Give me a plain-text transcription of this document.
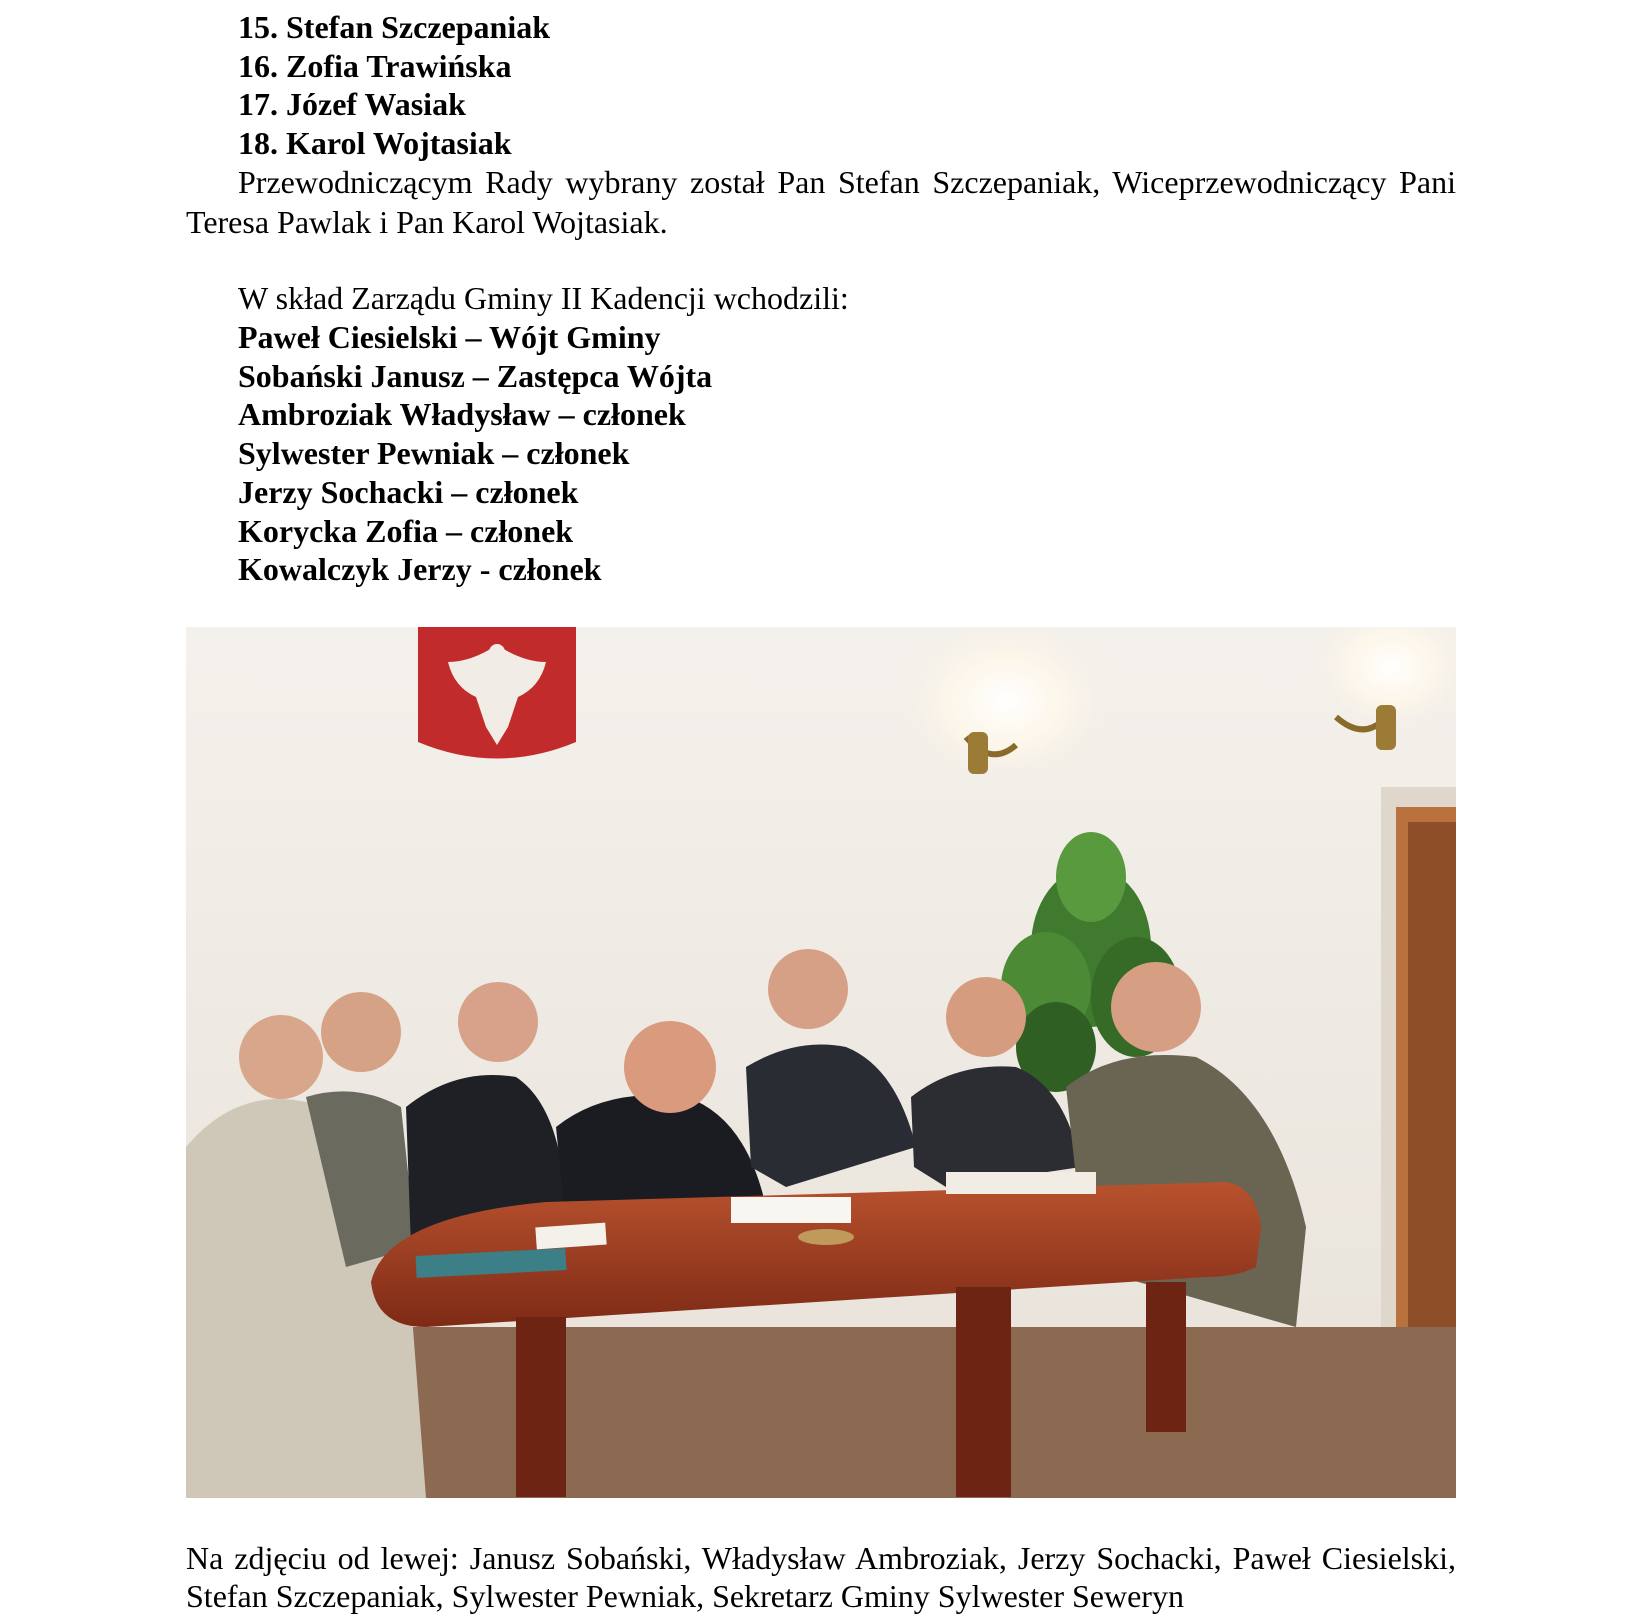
15. Stefan Szczepaniak
16. Zofia Trawińska
17. Józef Wasiak
18. Karol Wojtasiak
Przewodniczącym Rady wybrany został Pan Stefan Szczepaniak, Wiceprzewodniczący Pani Teresa Pawlak i Pan Karol Wojtasiak.
W skład Zarządu Gminy II Kadencji wchodzili:
Paweł Ciesielski – Wójt Gminy
Sobański Janusz – Zastępca Wójta
Ambroziak Władysław – członek
Sylwester Pewniak – członek
Jerzy Sochacki – członek
Korycka Zofia – członek
Kowalczyk Jerzy - członek
Na zdjęciu od lewej: Janusz Sobański, Władysław Ambroziak, Jerzy Sochacki, Paweł Ciesielski, Stefan Szczepaniak, Sylwester Pewniak, Sekretarz Gminy Sylwester Seweryn
